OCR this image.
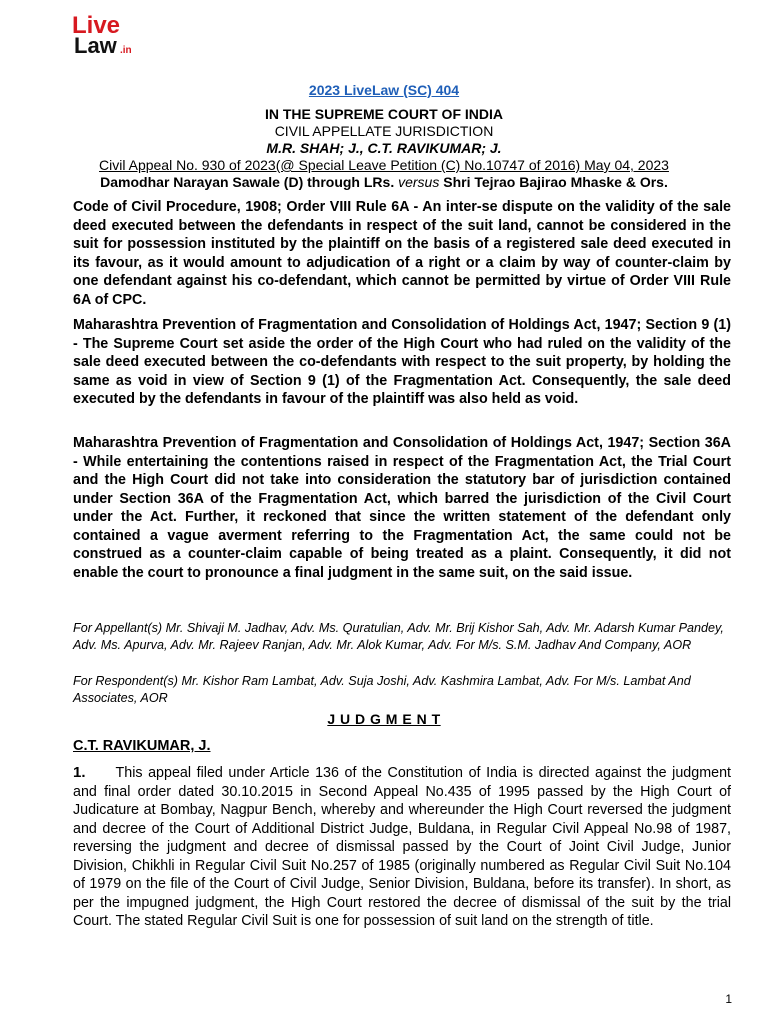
Live
Law .in
2023 LiveLaw (SC) 404
IN THE SUPREME COURT OF INDIA
CIVIL APPELLATE JURISDICTION
M.R. SHAH; J., C.T. RAVIKUMAR; J.
Civil Appeal No. 930 of 2023(@ Special Leave Petition (C) No.10747 of 2016) May 04, 2023
Damodhar Narayan Sawale (D) through LRs. versus Shri Tejrao Bajirao Mhaske & Ors.

Code of Civil Procedure, 1908; Order VIII Rule 6A - An inter-se dispute on the validity of the sale deed executed between the defendants in respect of the suit land, cannot be considered in the suit for possession instituted by the plaintiff on the basis of a registered sale deed executed in its favour, as it would amount to adjudication of a right or a claim by way of counter-claim by one defendant against his co-defendant, which cannot be permitted by virtue of Order VIII Rule 6A of CPC.

Maharashtra Prevention of Fragmentation and Consolidation of Holdings Act, 1947; Section 9 (1) - The Supreme Court set aside the order of the High Court who had ruled on the validity of the sale deed executed between the co-defendants with respect to the suit property, by holding the same as void in view of Section 9 (1) of the Fragmentation Act. Consequently, the sale deed executed by the defendants in favour of the plaintiff was also held as void.

Maharashtra Prevention of Fragmentation and Consolidation of Holdings Act, 1947; Section 36A - While entertaining the contentions raised in respect of the Fragmentation Act, the Trial Court and the High Court did not take into consideration the statutory bar of jurisdiction contained under Section 36A of the Fragmentation Act, which barred the jurisdiction of the Civil Court under the Act. Further, it reckoned that since the written statement of the defendant only contained a vague averment referring to the Fragmentation Act, the same could not be construed as a counter-claim capable of being treated as a plaint. Consequently, it did not enable the court to pronounce a final judgment in the same suit, on the said issue.

For Appellant(s) Mr. Shivaji M. Jadhav, Adv. Ms. Quratulian, Adv. Mr. Brij Kishor Sah, Adv. Mr. Adarsh Kumar Pandey, Adv. Ms. Apurva, Adv. Mr. Rajeev Ranjan, Adv. Mr. Alok Kumar, Adv. For M/s. S.M. Jadhav And Company, AOR

For Respondent(s) Mr. Kishor Ram Lambat, Adv. Suja Joshi, Adv. Kashmira Lambat, Adv. For M/s. Lambat And Associates, AOR

J U D G M E N T
C.T. RAVIKUMAR, J.

1. This appeal filed under Article 136 of the Constitution of India is directed against the judgment and final order dated 30.10.2015 in Second Appeal No.435 of 1995 passed by the High Court of Judicature at Bombay, Nagpur Bench, whereby and whereunder the High Court reversed the judgment and decree of the Court of Additional District Judge, Buldana, in Regular Civil Appeal No.98 of 1987, reversing the judgment and decree of dismissal passed by the Court of Joint Civil Judge, Junior Division, Chikhli in Regular Civil Suit No.257 of 1985 (originally numbered as Regular Civil Suit No.104 of 1979 on the file of the Court of Civil Judge, Senior Division, Buldana, before its transfer). In short, as per the impugned judgment, the High Court restored the decree of dismissal of the suit by the trial Court. The stated Regular Civil Suit is one for possession of suit land on the strength of title.

1
